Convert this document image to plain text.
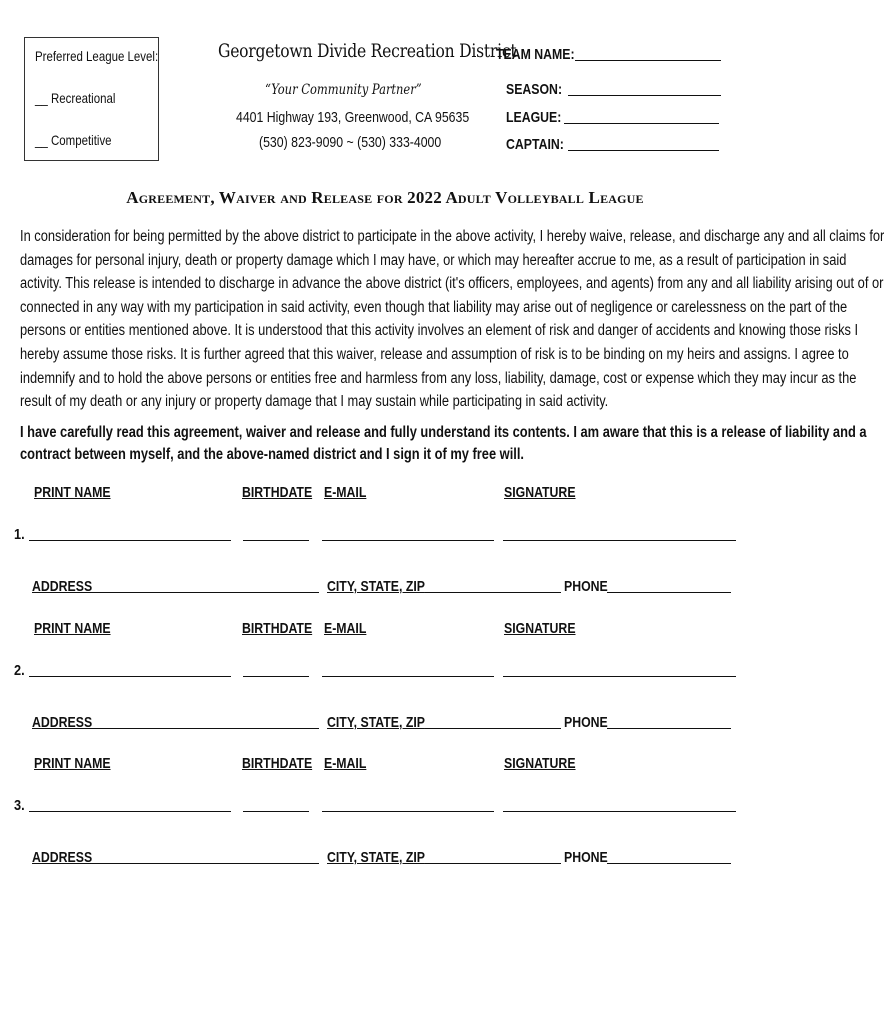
Preferred League Level:
__ Recreational
__ Competitive
Georgetown Divide Recreation District
“Your Community Partner”
4401 Highway 193, Greenwood, CA 95635
(530) 823-9090 ~ (530) 333-4000
TEAM NAME:
SEASON:
LEAGUE:
CAPTAIN:
Agreement, Waiver and Release for 2022 Adult Volleyball League
In consideration for being permitted by the above district to participate in the above activity, I hereby waive, release, and discharge any and all claims for
damages for personal injury, death or property damage which I may have, or which may hereafter accrue to me, as a result of participation in said
activity. This release is intended to discharge in advance the above district (it's officers, employees, and agents) from any and all liability arising out of or
connected in any way with my participation in said activity, even though that liability may arise out of negligence or carelessness on the part of the
persons or entities mentioned above. It is understood that this activity involves an element of risk and danger of accidents and knowing those risks I
hereby assume those risks. It is further agreed that this waiver, release and assumption of risk is to be binding on my heirs and assigns. I agree to
indemnify and to hold the above persons or entities free and harmless from any loss, liability, damage, cost or expense which they may incur as the
result of my death or any injury or property damage that I may sustain while participating in said activity.
I have carefully read this agreement, waiver and release and fully understand its contents. I am aware that this is a release of liability and a
contract between myself, and the above-named district and I sign it of my free will.
PRINT NAME	BIRTHDATE E-MAIL	SIGNATURE
1.
ADDRESS	CITY, STATE, ZIP	PHONE
PRINT NAME	BIRTHDATE E-MAIL	SIGNATURE
2.
ADDRESS	CITY, STATE, ZIP	PHONE
PRINT NAME	BIRTHDATE E-MAIL	SIGNATURE
3.
ADDRESS	CITY, STATE, ZIP	PHONE
